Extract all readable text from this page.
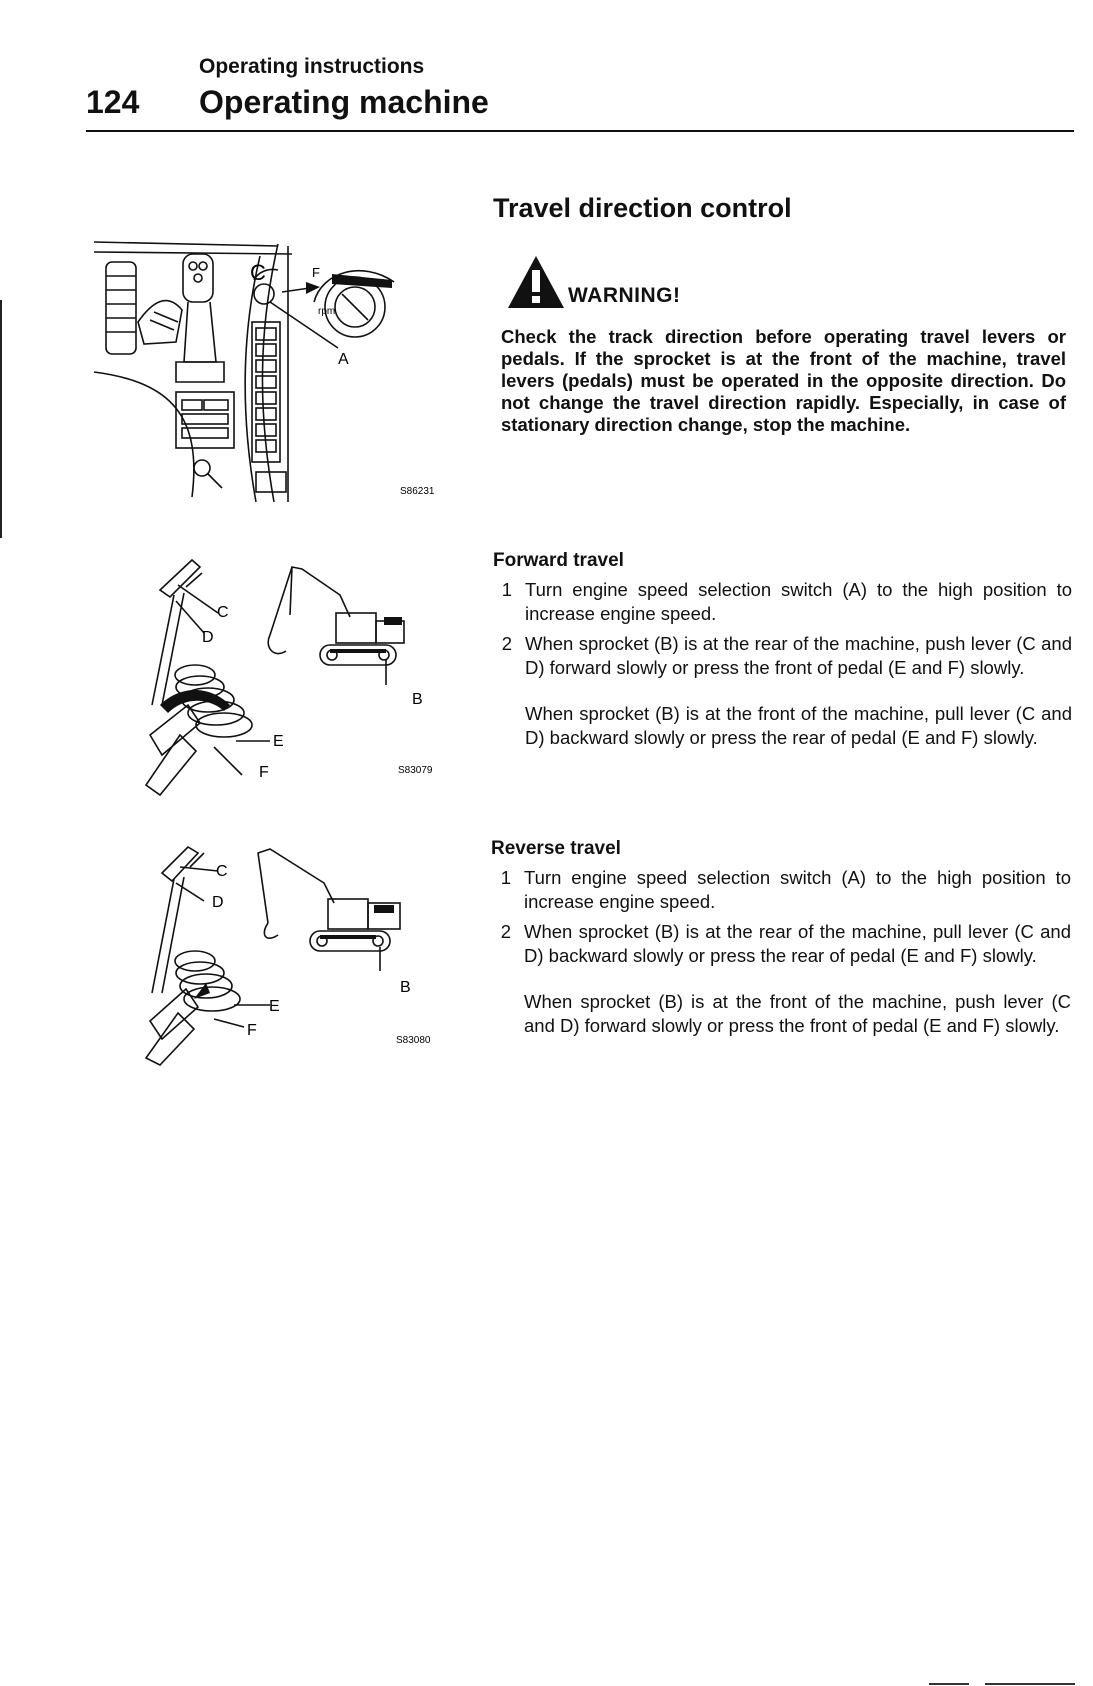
Operating instructions
124 Operating machine
Travel direction control
WARNING!
Check the track direction before operating travel levers or pedals. If the sprocket is at the front of the machine, travel levers (pedals) must be operated in the opposite direction. Do not change the travel direction rapidly. Especially, in case of stationary direction change, stop the machine.
Forward travel
1 Turn engine speed selection switch (A) to the high position to increase engine speed.
2 When sprocket (B) is at the rear of the machine, push lever (C and D) forward slowly or press the front of pedal (E and F) slowly.
When sprocket (B) is at the front of the machine, pull lever (C and D) backward slowly or press the rear of pedal (E and F) slowly.
Reverse travel
1 Turn engine speed selection switch (A) to the high position to increase engine speed.
2 When sprocket (B) is at the rear of the machine, pull lever (C and D) backward slowly or press the rear of pedal (E and F) slowly.
When sprocket (B) is at the front of the machine, push lever (C and D) forward slowly or press the front of pedal (E and F) slowly.
F
rpm
C
A
S86231
C
D
E
F
B
S83079
C
D
E
F
B
S83080
